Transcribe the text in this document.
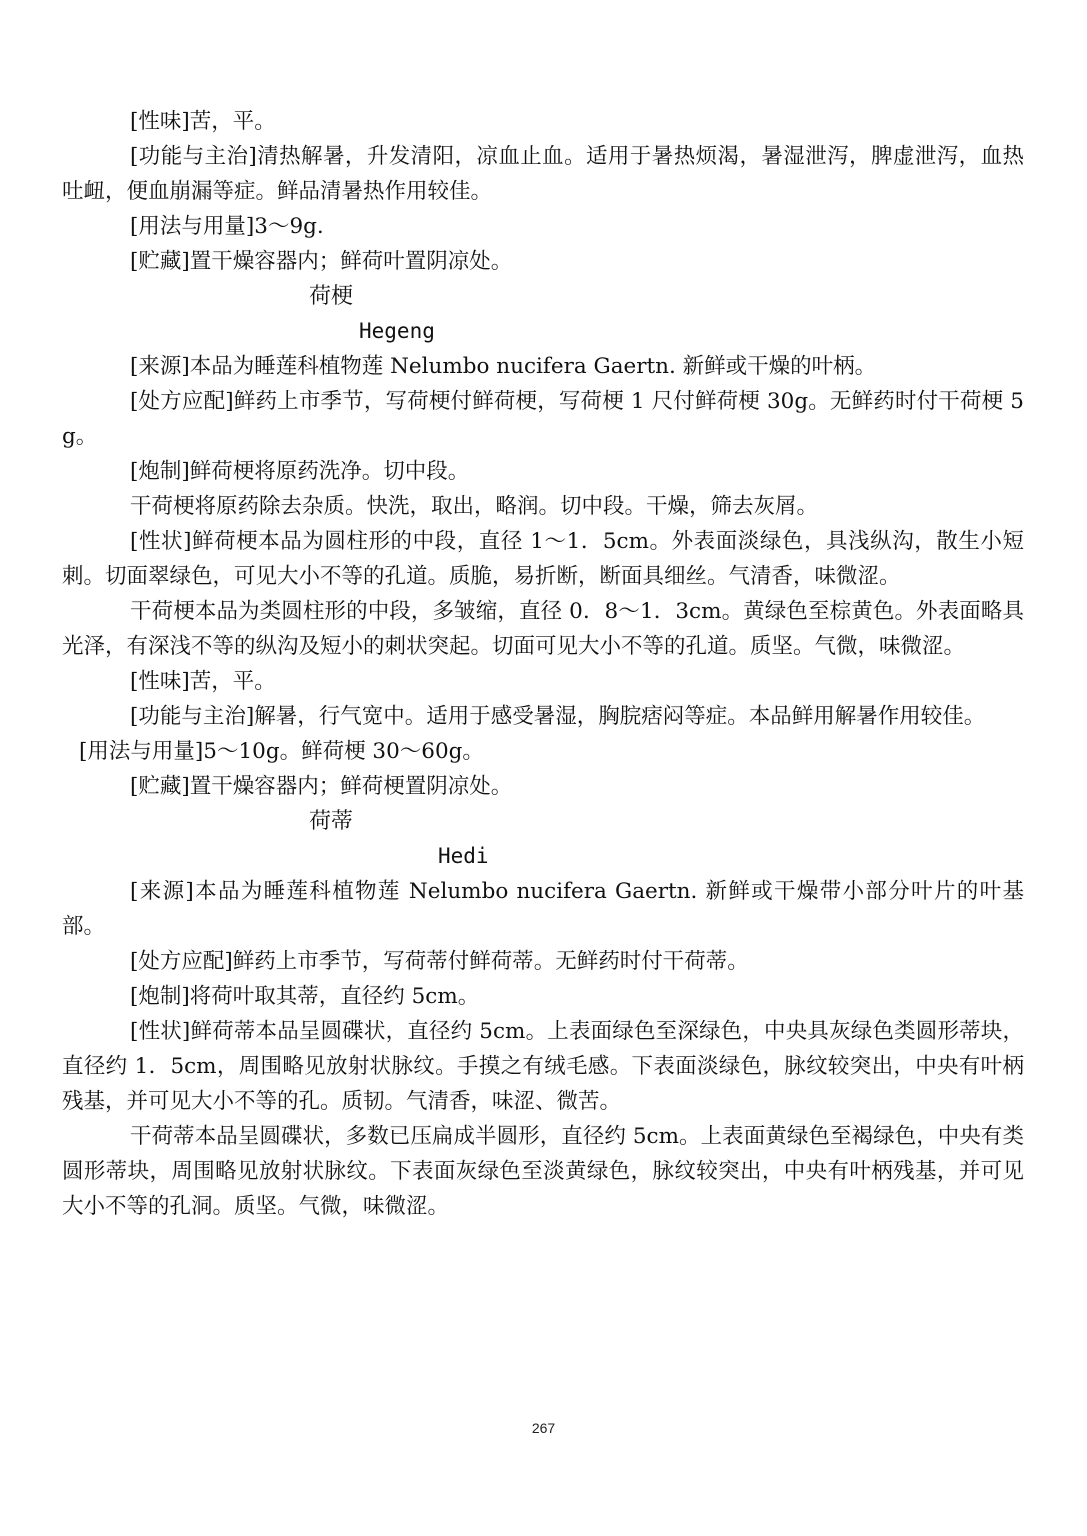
[性味]苦，平。

[功能与主治]清热解暑，升发清阳，凉血止血。适用于暑热烦渴，暑湿泄泻，脾虚泄泻，血热吐衄，便血崩漏等症。鲜品清暑热作用较佳。

[用法与用量]3～9g.

[贮藏]置干燥容器内；鲜荷叶置阴凉处。

荷梗

Hegeng

[来源]本品为睡莲科植物莲 Nelumbo nucifera Gaertn. 新鲜或干燥的叶柄。

[处方应配]鲜药上市季节，写荷梗付鲜荷梗，写荷梗 1 尺付鲜荷梗 30g。无鲜药时付干荷梗 5g。

[炮制]鲜荷梗将原药洗净。切中段。

干荷梗将原药除去杂质。快洗，取出，略润。切中段。干燥，筛去灰屑。

[性状]鲜荷梗本品为圆柱形的中段，直径 1～1．5cm。外表面淡绿色，具浅纵沟，散生小短刺。切面翠绿色，可见大小不等的孔道。质脆，易折断，断面具细丝。气清香，味微涩。

干荷梗本品为类圆柱形的中段，多皱缩，直径 0．8～1．3cm。黄绿色至棕黄色。外表面略具光泽，有深浅不等的纵沟及短小的刺状突起。切面可见大小不等的孔道。质坚。气微，味微涩。

[性味]苦，平。

[功能与主治]解暑，行气宽中。适用于感受暑湿，胸脘痞闷等症。本品鲜用解暑作用较佳。

[用法与用量]5～10g。鲜荷梗 30～60g。

[贮藏]置干燥容器内；鲜荷梗置阴凉处。

荷蒂

Hedi

[来源]本品为睡莲科植物莲 Nelumbo nucifera Gaertn. 新鲜或干燥带小部分叶片的叶基部。

[处方应配]鲜药上市季节，写荷蒂付鲜荷蒂。无鲜药时付干荷蒂。

[炮制]将荷叶取其蒂，直径约 5cm。

[性状]鲜荷蒂本品呈圆碟状，直径约 5cm。上表面绿色至深绿色，中央具灰绿色类圆形蒂块，直径约 1．5cm，周围略见放射状脉纹。手摸之有绒毛感。下表面淡绿色，脉纹较突出，中央有叶柄残基，并可见大小不等的孔。质韧。气清香，味涩、微苦。

干荷蒂本品呈圆碟状，多数已压扁成半圆形，直径约 5cm。上表面黄绿色至褐绿色，中央有类圆形蒂块，周围略见放射状脉纹。下表面灰绿色至淡黄绿色，脉纹较突出，中央有叶柄残基，并可见大小不等的孔洞。质坚。气微，味微涩。

267
